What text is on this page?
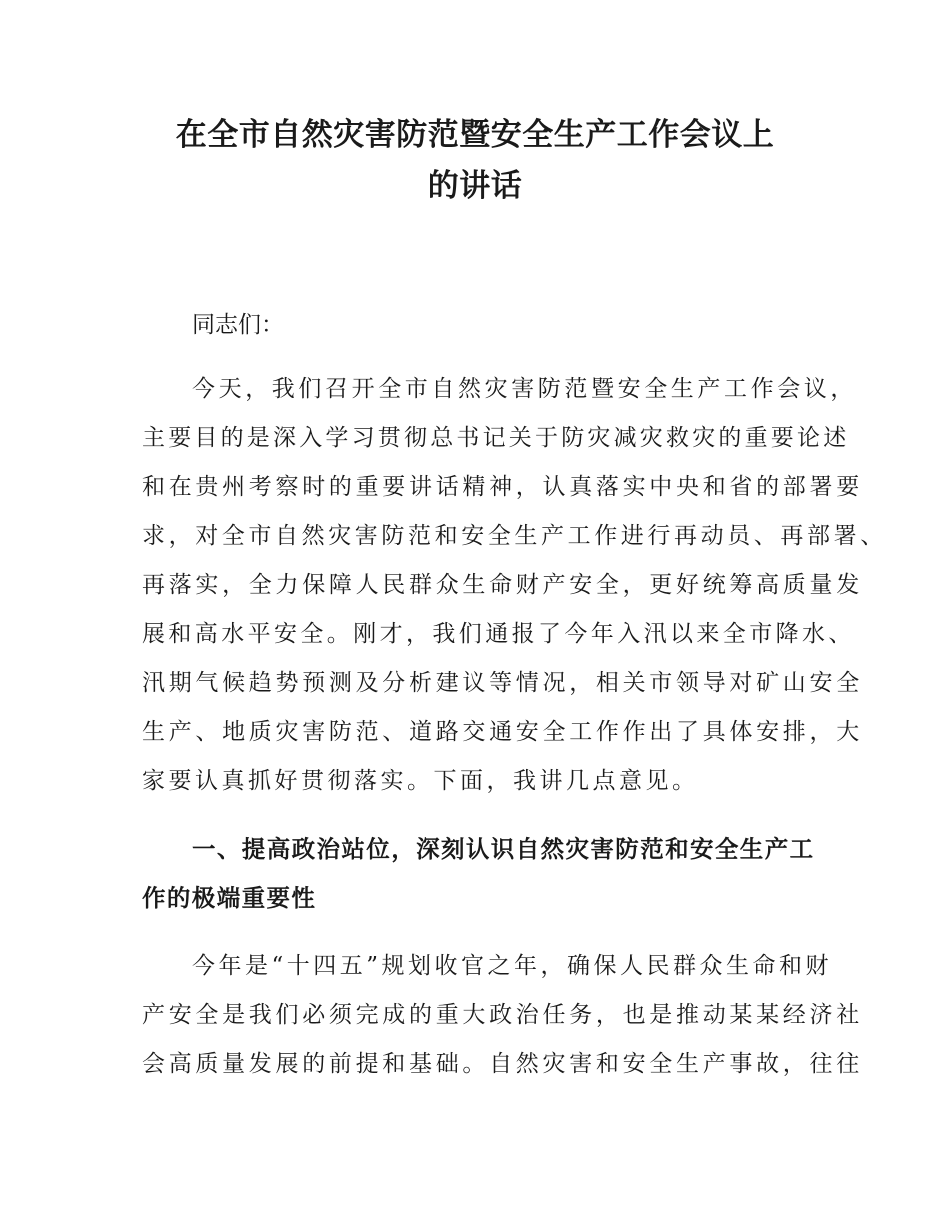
在全市自然灾害防范暨安全生产工作会议上
的讲话
同志们：
今天，我们召开全市自然灾害防范暨安全生产工作会议，
主要目的是深入学习贯彻总书记关于防灾减灾救灾的重要论述
和在贵州考察时的重要讲话精神，认真落实中央和省的部署要
求，对全市自然灾害防范和安全生产工作进行再动员、再部署、
再落实，全力保障人民群众生命财产安全，更好统筹高质量发
展和高水平安全。刚才，我们通报了今年入汛以来全市降水、
汛期气候趋势预测及分析建议等情况，相关市领导对矿山安全
生产、地质灾害防范、道路交通安全工作作出了具体安排，大
家要认真抓好贯彻落实。下面，我讲几点意见。
一、提高政治站位，深刻认识自然灾害防范和安全生产工
作的极端重要性
今年是“十四五”规划收官之年，确保人民群众生命和财
产安全是我们必须完成的重大政治任务，也是推动某某经济社
会高质量发展的前提和基础。自然灾害和安全生产事故，往往
